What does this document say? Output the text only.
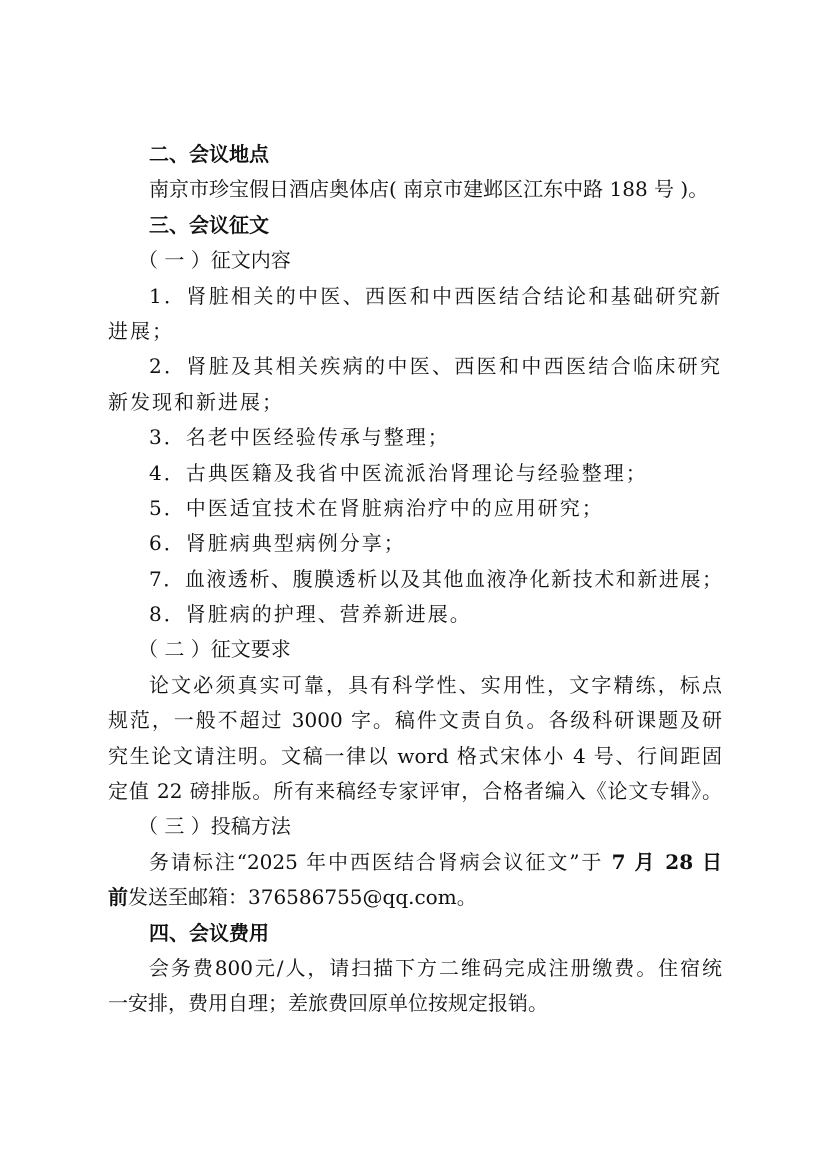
二、会议地点
南京市珍宝假日酒店奥体店( 南京市建邺区江东中路 188 号 )。
三、会议征文
（ 一 ）征文内容
1．肾脏相关的中医、西医和中西医结合结论和基础研究新
进展；
2．肾脏及其相关疾病的中医、西医和中西医结合临床研究
新发现和新进展；
3．名老中医经验传承与整理；
4．古典医籍及我省中医流派治肾理论与经验整理；
5．中医适宜技术在肾脏病治疗中的应用研究；
6．肾脏病典型病例分享；
7．血液透析、腹膜透析以及其他血液净化新技术和新进展；
8．肾脏病的护理、营养新进展。
（ 二 ）征文要求
论文必须真实可靠，具有科学性、实用性，文字精练，标点
规范，一般不超过 3000 字。稿件文责自负。各级科研课题及研
究生论文请注明。文稿一律以 word 格式宋体小 4 号、行间距固
定值 22 磅排版。所有来稿经专家评审，合格者编入《论文专辑》。
（ 三 ）投稿方法
务请标注“2025 年中西医结合肾病会议征文”于 7 月 28 日
前发送至邮箱：376586755@qq.com。
四、会议费用
会务费800元/人，请扫描下方二维码完成注册缴费。住宿统
一安排，费用自理；差旅费回原单位按规定报销。
